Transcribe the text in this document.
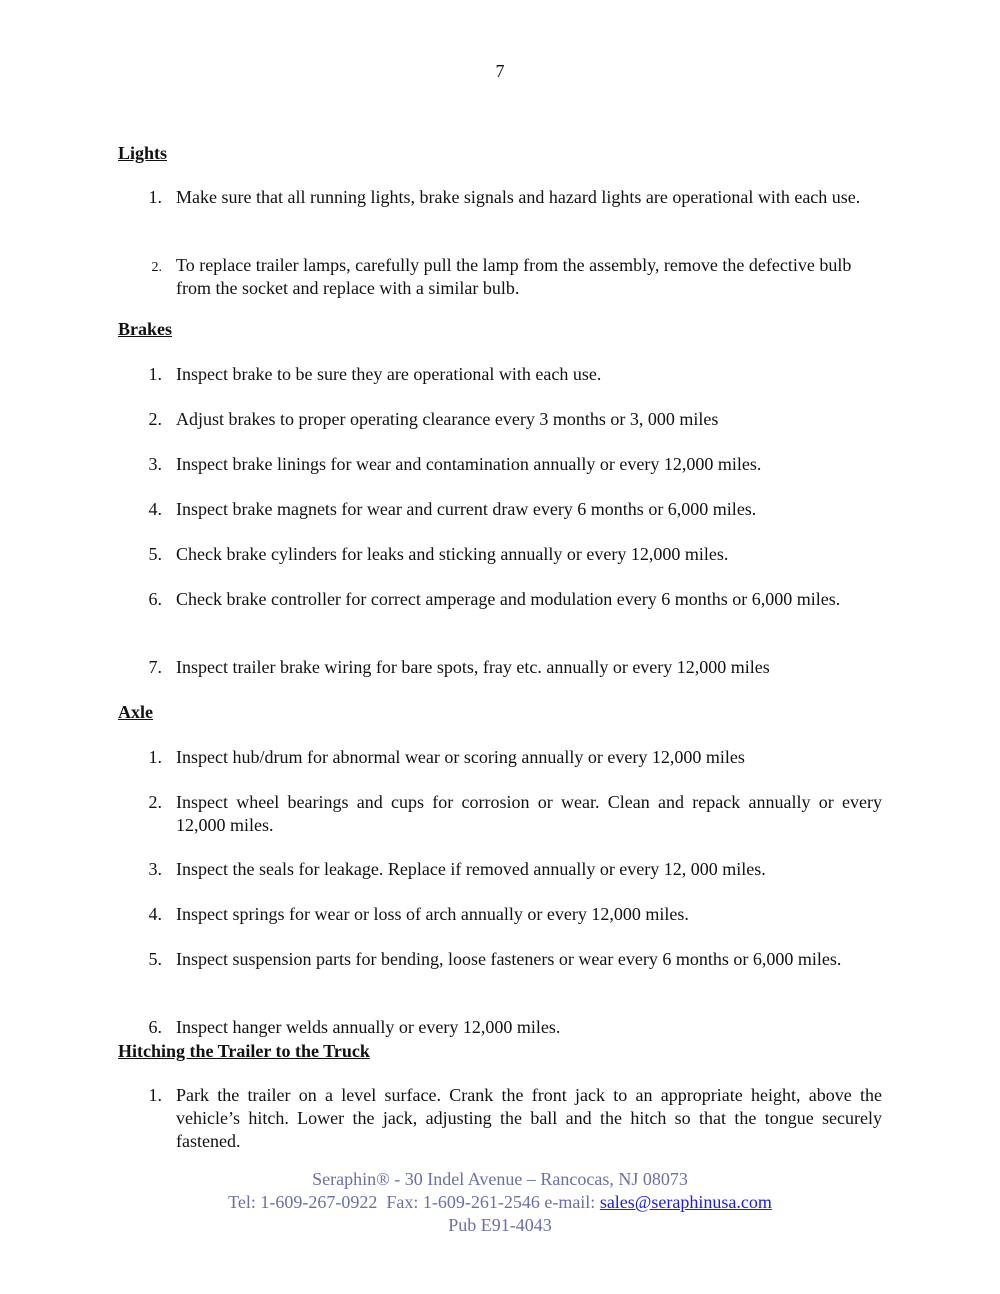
7
Lights
1. Make sure that all running lights, brake signals and hazard lights are operational with each use.
2. To replace trailer lamps, carefully pull the lamp from the assembly, remove the defective bulb from the socket and replace with a similar bulb.
Brakes
1. Inspect brake to be sure they are operational with each use.
2. Adjust brakes to proper operating clearance every 3 months or 3, 000 miles
3. Inspect brake linings for wear and contamination annually or every 12,000 miles.
4. Inspect brake magnets for wear and current draw every 6 months or 6,000 miles.
5. Check brake cylinders for leaks and sticking annually or every 12,000 miles.
6. Check brake controller for correct amperage and modulation every 6 months or 6,000 miles.
7. Inspect trailer brake wiring for bare spots, fray etc. annually or every 12,000 miles
Axle
1. Inspect hub/drum for abnormal wear or scoring annually or every 12,000 miles
2. Inspect wheel bearings and cups for corrosion or wear. Clean and repack annually or every 12,000 miles.
3. Inspect the seals for leakage. Replace if removed annually or every 12, 000 miles.
4. Inspect springs for wear or loss of arch annually or every 12,000 miles.
5. Inspect suspension parts for bending, loose fasteners or wear every 6 months or 6,000 miles.
6. Inspect hanger welds annually or every 12,000 miles.
Hitching the Trailer to the Truck
1. Park the trailer on a level surface. Crank the front jack to an appropriate height, above the vehicle’s hitch. Lower the jack, adjusting the ball and the hitch so that the tongue securely fastened.
Seraphin® - 30 Indel Avenue – Rancocas, NJ 08073
Tel: 1-609-267-0922  Fax: 1-609-261-2546 e-mail: sales@seraphinusa.com
Pub E91-4043
